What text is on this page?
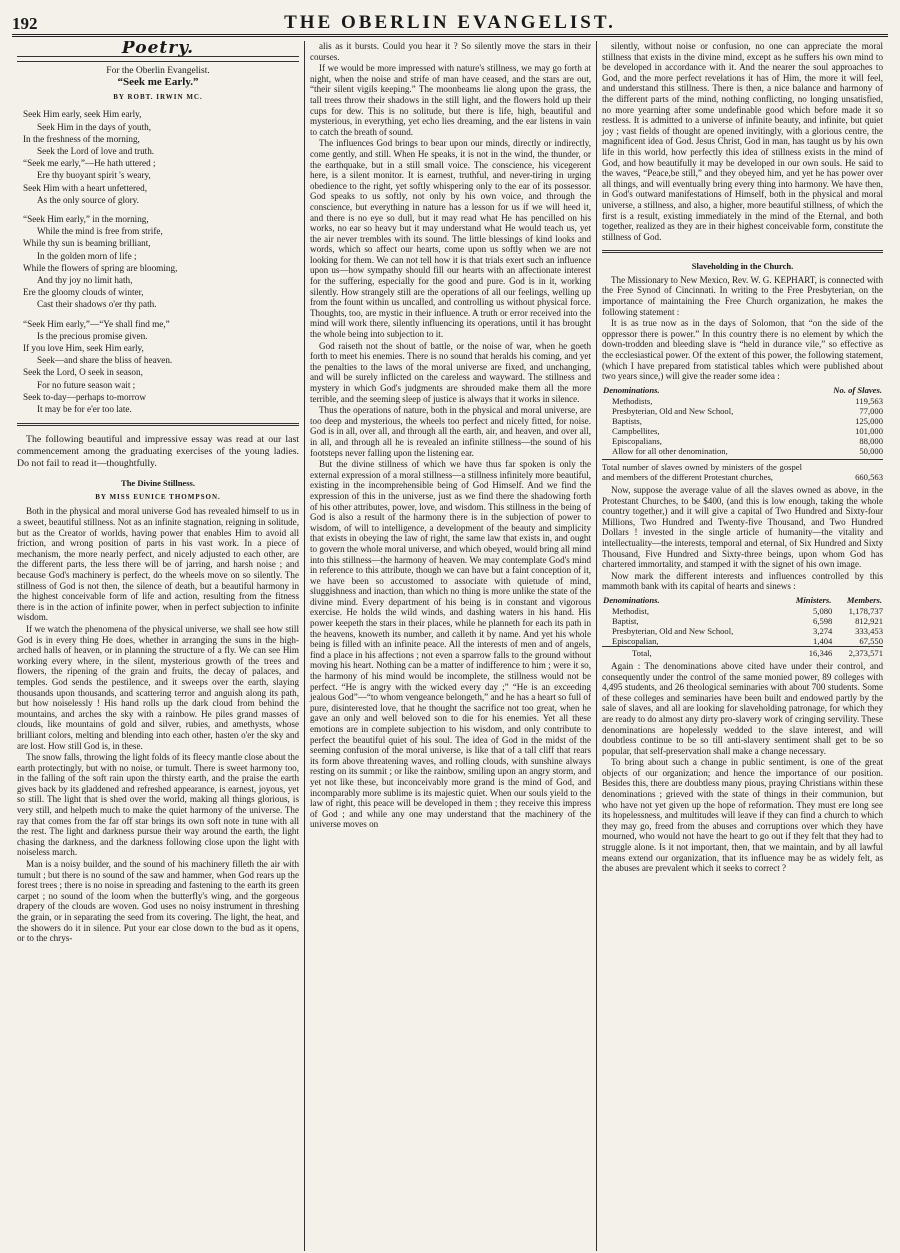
192	THE OBERLIN EVANGELIST.
Poetry.
For the Oberlin Evangelist.
“Seek me Early.”
BY ROBT. IRWIN MC.
Seek Him early, seek Him early,
Seek Him in the days of youth,
In the freshness of the morning,
Seek the Lord of love and truth.
“Seek me early,”—He hath uttered ;
Ere thy buoyant spirit 's weary,
Seek Him with a heart unfettered,
As the only source of glory.
“Seek Him early,” in the morning,
While the mind is free from strife,
While thy sun is beaming brilliant,
In the golden morn of life ;
While the flowers of spring are blooming,
And thy joy no limit hath,
Ere the gloomy clouds of winter,
Cast their shadows o'er thy path.
“Seek Him early,”—“Ye shall find me,”
Is the precious promise given.
If you love Him, seek Him early,
Seek—and share the bliss of heaven.
Seek the Lord, O seek in season,
For no future season wait ;
Seek to-day—perhaps to-morrow
It may be for e'er too late.

The following beautiful and impressive essay was read at our last commencement among the graduating exercises of the young ladies. Do not fail to read it—thoughtfully.

The Divine Stillness.
BY MISS EUNICE THOMPSON.

Both in the physical and moral universe God has revealed himself to us in a sweet, beautiful stillness. Not as an infinite stagnation, reigning in solitude, but as the Creator of worlds, having power that enables Him to avoid all friction, and wrong position of parts in his vast work. In a piece of mechanism, the more nearly perfect, and nicely adjusted to each other, are the different parts, the less there will be of jarring, and harsh noise ; and because God's machinery is perfect, do the wheels move on so silently. The stillness of God is not then, the silence of death, but a beautiful harmony in the highest conceivable form of life and action, resulting from the fitness there is in the action of infinite power, when in perfect subjection to infinite wisdom.

If we watch the phenomena of the physical universe, we shall see how still God is in every thing He does, whether in arranging the suns in the high-arched halls of heaven, or in planning the structure of a fly. We can see Him working every where, in the silent, mysterious growth of the trees and flowers, the ripening of the grain and fruits, the decay of palaces, and temples. God sends the pestilence, and it sweeps over the earth, slaying thousands upon thousands, and scattering terror and anguish along its path, but how noiselessly ! His hand rolls up the dark cloud from behind the mountains, and arches the sky with a rainbow. He piles grand masses of clouds, like mountains of gold and silver, rubies, and amethysts, whose brilliant colors, melting and blending into each other, hasten o'er the sky and are lost. How still God is, in these.

The snow falls, throwing the light folds of its fleecy mantle close about the earth protectingly, but with no noise, or tumult. There is sweet harmony too, in the falling of the soft rain upon the thirsty earth, and the praise the earth gives back by its gladdened and refreshed appearance, is earnest, joyous, yet so still. The light that is shed over the world, making all things glorious, is very still, and helpeth much to make the quiet harmony of the universe. The ray that comes from the far off star brings its own soft note in tune with all the rest. The light and darkness pursue their way around the earth, the light chasing the darkness, and the darkness following close upon the light with noiseless march.

Man is a noisy builder, and the sound of his machinery filleth the air with tumult ; but there is no sound of the saw and hammer, when God rears up the forest trees ; there is no noise in spreading and fastening to the earth its green carpet ; no sound of the loom when the butterfly's wing, and the gorgeous drapery of the clouds are woven. God uses no noisy instrument in threshing the grain, or in separating the seed from its covering. The light, the heat, and the showers do it in silence. Put your ear close down to the bud as it opens, or to the chrys-

alis as it bursts. Could you hear it ? So silently move the stars in their courses.

If we would be more impressed with nature's stillness, we may go forth at night, when the noise and strife of man have ceased, and the stars are out, “their silent vigils keeping.” The moonbeams lie along upon the grass, the tall trees throw their shadows in the still light, and the flowers hold up their cups for dew. This is no solitude, but there is life, high, beautiful and mysterious, in everything, yet echo lies dreaming, and the ear listens in vain to catch the breath of sound.

The influences God brings to bear upon our minds, directly or indirectly, come gently, and still. When He speaks, it is not in the wind, the thunder, or the earthquake, but in a still small voice. The conscience, his vicegerent here, is a silent monitor. It is earnest, truthful, and never-tiring in urging obedience to the right, yet softly whispering only to the ear of its possessor. God speaks to us softly, not only by his own voice, and through the conscience, but everything in nature has a lesson for us if we will heed it, and there is no eye so dull, but it may read what He has pencilled on his works, no ear so heavy but it may understand what He would teach us, yet the air never trembles with its sound. The little blessings of kind looks and words, which so affect our hearts, come upon us softly when we are not looking for them. We can not tell how it is that trials exert such an influence upon us—how sympathy should fill our hearts with an affectionate interest for the suffering, especially for the good and pure. God is in it, working silently. How strangely still are the operations of all our feelings, welling up from the fount within us uncalled, and controlling us without physical force. Thoughts, too, are mystic in their influence. A truth or error received into the mind will work there, silently influencing its operations, until it has brought the whole being into subjection to it.

God raiseth not the shout of battle, or the noise of war, when he goeth forth to meet his enemies. There is no sound that heralds his coming, and yet the penalties to the laws of the moral universe are fixed, and unchanging, and will be surely inflicted on the careless and wayward. The stillness and mystery in which God's judgments are shrouded make them all the more terrible, and the seeming sleep of justice is always that it works in silence.

Thus the operations of nature, both in the physical and moral universe, are too deep and mysterious, the wheels too perfect and nicely fitted, for noise. God is in all, over all, and through all the earth, air, and heaven, and over all, in all, and through all he is revealed an infinite stillness—the sound of his footsteps never falling upon the listening ear.

But the divine stillness of which we have thus far spoken is only the external expression of a moral stillness—a stillness infinitely more beautiful, existing in the incomprehensible being of God Himself. And we find the expression of this in the universe, just as we find there the shadowing forth of his other attributes, power, love, and wisdom. This stillness in the being of God is also a result of the harmony there is in the subjection of power to wisdom, of will to intelligence, a development of the beauty and simplicity that exists in obeying the law of right, the same law that exists in, and ought to govern the whole moral universe, and which obeyed, would bring all mind into this stillness—the harmony of heaven. We may contemplate God's mind in reference to this attribute, though we can have but a faint conception of it, we have been so accustomed to associate with quietude of mind, sluggishness and inaction, than which no thing is more unlike the state of the divine mind. Every department of his being is in constant and vigorous exercise. He holds the wild winds, and dashing waters in his hand. His power keepeth the stars in their places, while he planneth for each its path in the heavens, knoweth its number, and calleth it by name. And yet his whole being is filled with an infinite peace. All the interests of men and of angels, find a place in his affections ; not even a sparrow falls to the ground without moving his heart. Nothing can be a matter of indifference to him ; were it so, the harmony of his mind would be incomplete, the stillness would not be perfect. “He is angry with the wicked every day ;” “He is an exceeding jealous God”—“to whom vengeance belongeth,” and he has a heart so full of pure, disinterested love, that he thought the sacrifice not too great, when he gave an only and well beloved son to die for his enemies. Yet all these emotions are in complete subjection to his wisdom, and only contribute to perfect the beautiful quiet of his soul. The idea of God in the midst of the seeming confusion of the moral universe, is like that of a tall cliff that rears its form above threatening waves, and rolling clouds, with sunshine always resting on its summit ; or like the rainbow, smiling upon an angry storm, and yet not like these, but inconceivably more grand is the mind of God, and incomparably more sublime is its majestic quiet. When our souls yield to the law of right, this peace will be developed in them ; they receive this impress of God ; and while any one may understand that the machinery of the universe moves on

silently, without noise or confusion, no one can appreciate the moral stillness that exists in the divine mind, except as he suffers his own mind to be developed in accordance with it. And the nearer the soul approaches to God, and the more perfect revelations it has of Him, the more it will feel, and understand this stillness. There is then, a nice balance and harmony of the different parts of the mind, nothing conflicting, no longing unsatisfied, no more yearning after some undefinable good which before made it so restless. It is admitted to a universe of infinite beauty, and infinite, but quiet joy ; vast fields of thought are opened invitingly, with a glorious centre, the magnificent idea of God. Jesus Christ, God in man, has taught us by his own life in this world, how perfectly this idea of stillness exists in the mind of God, and how beautifully it may be developed in our own souls. He said to the waves, “Peace,be still,” and they obeyed him, and yet he has power over all things, and will eventually bring every thing into harmony. We have then, in God's outward manifestations of Himself, both in the physical and moral universe, a stillness, and also, a higher, more beautiful stillness, of which the first is a result, existing immediately in the mind of the Eternal, and both together, realized as they are in their highest conceivable form, constitute the stillness of God.

Slaveholding in the Church.

The Missionary to New Mexico, Rev. W. G. KEPHART, is connected with the Free Synod of Cincinnati. In writing to the Free Presbyterian, on the importance of maintaining the Free Church organization, he makes the following statement :

It is as true now as in the days of Solomon, that “on the side of the oppressor there is power.” In this country there is no element by which the down-trodden and bleeding slave is “held in durance vile,” so effective as the ecclesiastical power. Of the extent of this power, the following statement, (which I have prepared from statistical tables which were published about two years since,) will give the reader some idea :

Denominations.	No. of Slaves.
Methodists,	119,563
Presbyterian, Old and New School,	77,000
Baptists,	125,000
Campbellites,	101,000
Episcopalians,	88,000
Allow for all other denomination,	50,000
Total number of slaves owned by ministers of the gospel and members of the different Protestant churches,	660,563

Now, suppose the average value of all the slaves owned as above, in the Protestant Churches, to be $400, (and this is low enough, taking the whole country together,) and it will give a capital of Two Hundred and Sixty-four Millions, Two Hundred and Twenty-five Thousand, and Two Hundred Dollars ! invested in the single article of humanity—the vitality and intellectuality—the interests, temporal and eternal, of Six Hundred and Sixty Thousand, Five Hundred and Sixty-three beings, upon whom God has chartered immortality, and stamped it with the signet of his own image.

Now mark the different interests and influences controlled by this mammoth bank with its capital of hearts and sinews :

Denominations.	Ministers.	Members.
Methodist,	5,080	1,178,737
Baptist,	6,598	812,921
Presbyterian, Old and New School,	3,274	333,453
Episcopalian,	1,404	67,550
Total,	16,346	2,373,571

Again : The denominations above cited have under their control, and consequently under the control of the same monied power, 89 colleges with 4,495 students, and 26 theological seminaries with about 700 students. Some of these colleges and seminaries have been built and endowed partly by the sale of slaves, and all are looking for slaveholding patronage, for which they are ready to do almost any dirty pro-slavery work of cringing servility. These denominations are hopelessly wedded to the slave interest, and will doubtless continue to be so till anti-slavery sentiment shall get to be so popular, that self-preservation shall make a change necessary.

To bring about such a change in public sentiment, is one of the great objects of our organization; and hence the importance of our position. Besides this, there are doubtless many pious, praying Christians within these denominations ; grieved with the state of things in their communion, but who have not yet given up the hope of reformation. They must ere long see its hopelessness, and multitudes will leave if they can find a church to which they may go, freed from the abuses and corruptions over which they have mourned, who would not have the heart to go out if they felt that they had to struggle alone. Is it not important, then, that we maintain, and by all lawful means extend our organization, that its influence may be as widely felt, as the abuses are prevalent which it seeks to correct ?
